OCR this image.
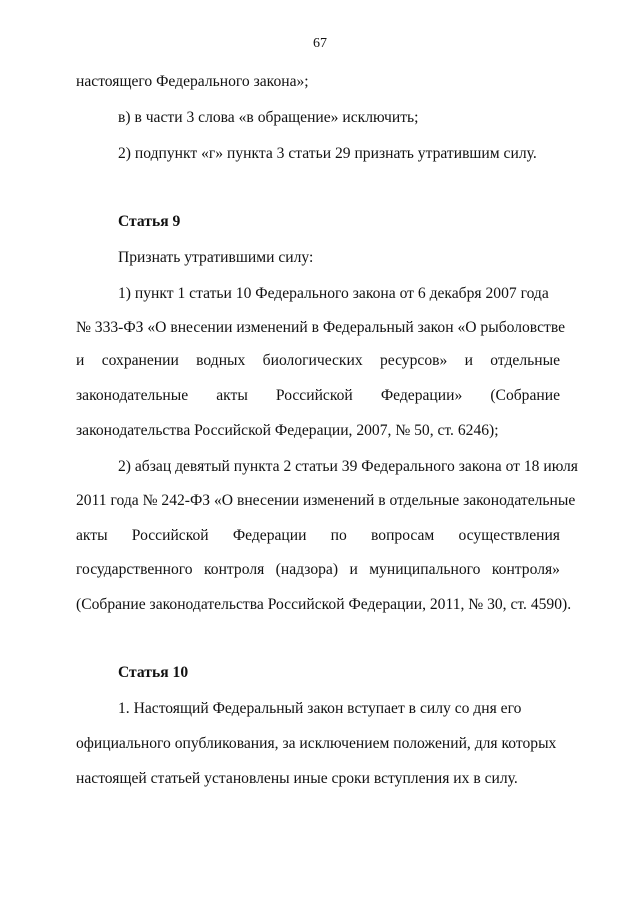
67
настоящего Федерального закона»;
в) в части 3 слова «в обращение» исключить;
2) подпункт «г» пункта 3 статьи 29 признать утратившим силу.
Статья 9
Признать утратившими силу:
1) пункт 1 статьи 10 Федерального закона от 6 декабря 2007 года
№ 333-ФЗ «О внесении изменений в Федеральный закон «О рыболовстве
и сохранении водных биологических ресурсов» и отдельные
законодательные акты Российской Федерации» (Собрание
законодательства Российской Федерации, 2007, № 50, ст. 6246);
2) абзац девятый пункта 2 статьи 39 Федерального закона от 18 июля
2011 года № 242-ФЗ «О внесении изменений в отдельные законодательные
акты Российской Федерации по вопросам осуществления
государственного контроля (надзора) и муниципального контроля»
(Собрание законодательства Российской Федерации, 2011, № 30, ст. 4590).
Статья 10
1. Настоящий Федеральный закон вступает в силу со дня его
официального опубликования, за исключением положений, для которых
настоящей статьей установлены иные сроки вступления их в силу.
